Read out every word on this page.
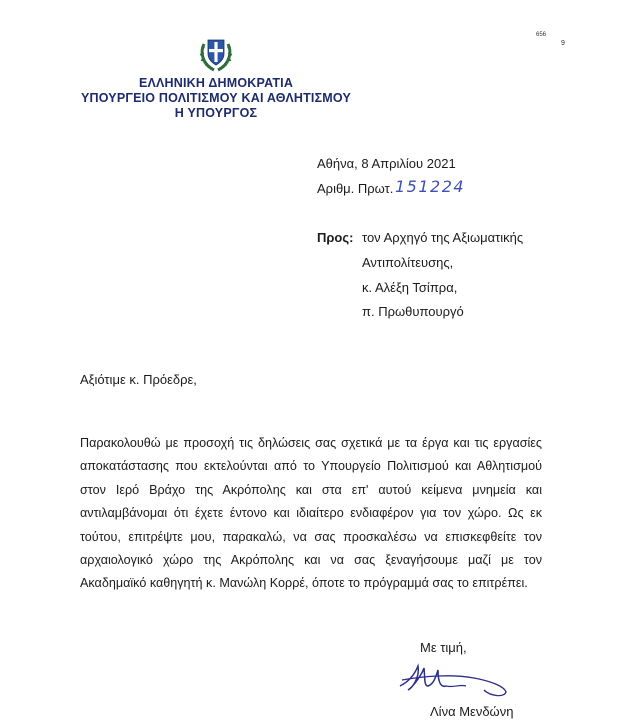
656
9
ΕΛΛΗΝΙΚΗ ΔΗΜΟΚΡΑΤΙΑ
ΥΠΟΥΡΓΕΙΟ ΠΟΛΙΤΙΣΜΟΥ ΚΑΙ ΑΘΛΗΤΙΣΜΟΥ
Η ΥΠΟΥΡΓΟΣ
Αθήνα, 8 Απριλίου 2021
Αριθμ. Πρωτ. 151224
Προς: τον Αρχηγό της Αξιωματικής
Αντιπολίτευσης,
κ. Αλέξη Τσίπρα,
π. Πρωθυπουργό
Αξιότιμε κ. Πρόεδρε,
Παρακολουθώ με προσοχή τις δηλώσεις σας σχετικά με τα έργα και τις εργασίες αποκατάστασης που εκτελούνται από το Υπουργείο Πολιτισμού και Αθλητισμού στον Ιερό Βράχο της Ακρόπολης και στα επ' αυτού κείμενα μνημεία και αντιλαμβάνομαι ότι έχετε έντονο και ιδιαίτερο ενδιαφέρον για τον χώρο. Ως εκ τούτου, επιτρέψτε μου, παρακαλώ, να σας προσκαλέσω να επισκεφθείτε τον αρχαιολογικό χώρο της Ακρόπολης και να σας ξεναγήσουμε μαζί με τον Ακαδημαϊκό καθηγητή κ. Μανώλη Κορρέ, όποτε το πρόγραμμά σας το επιτρέπει.
Με τιμή,
Λίνα Μενδώνη
